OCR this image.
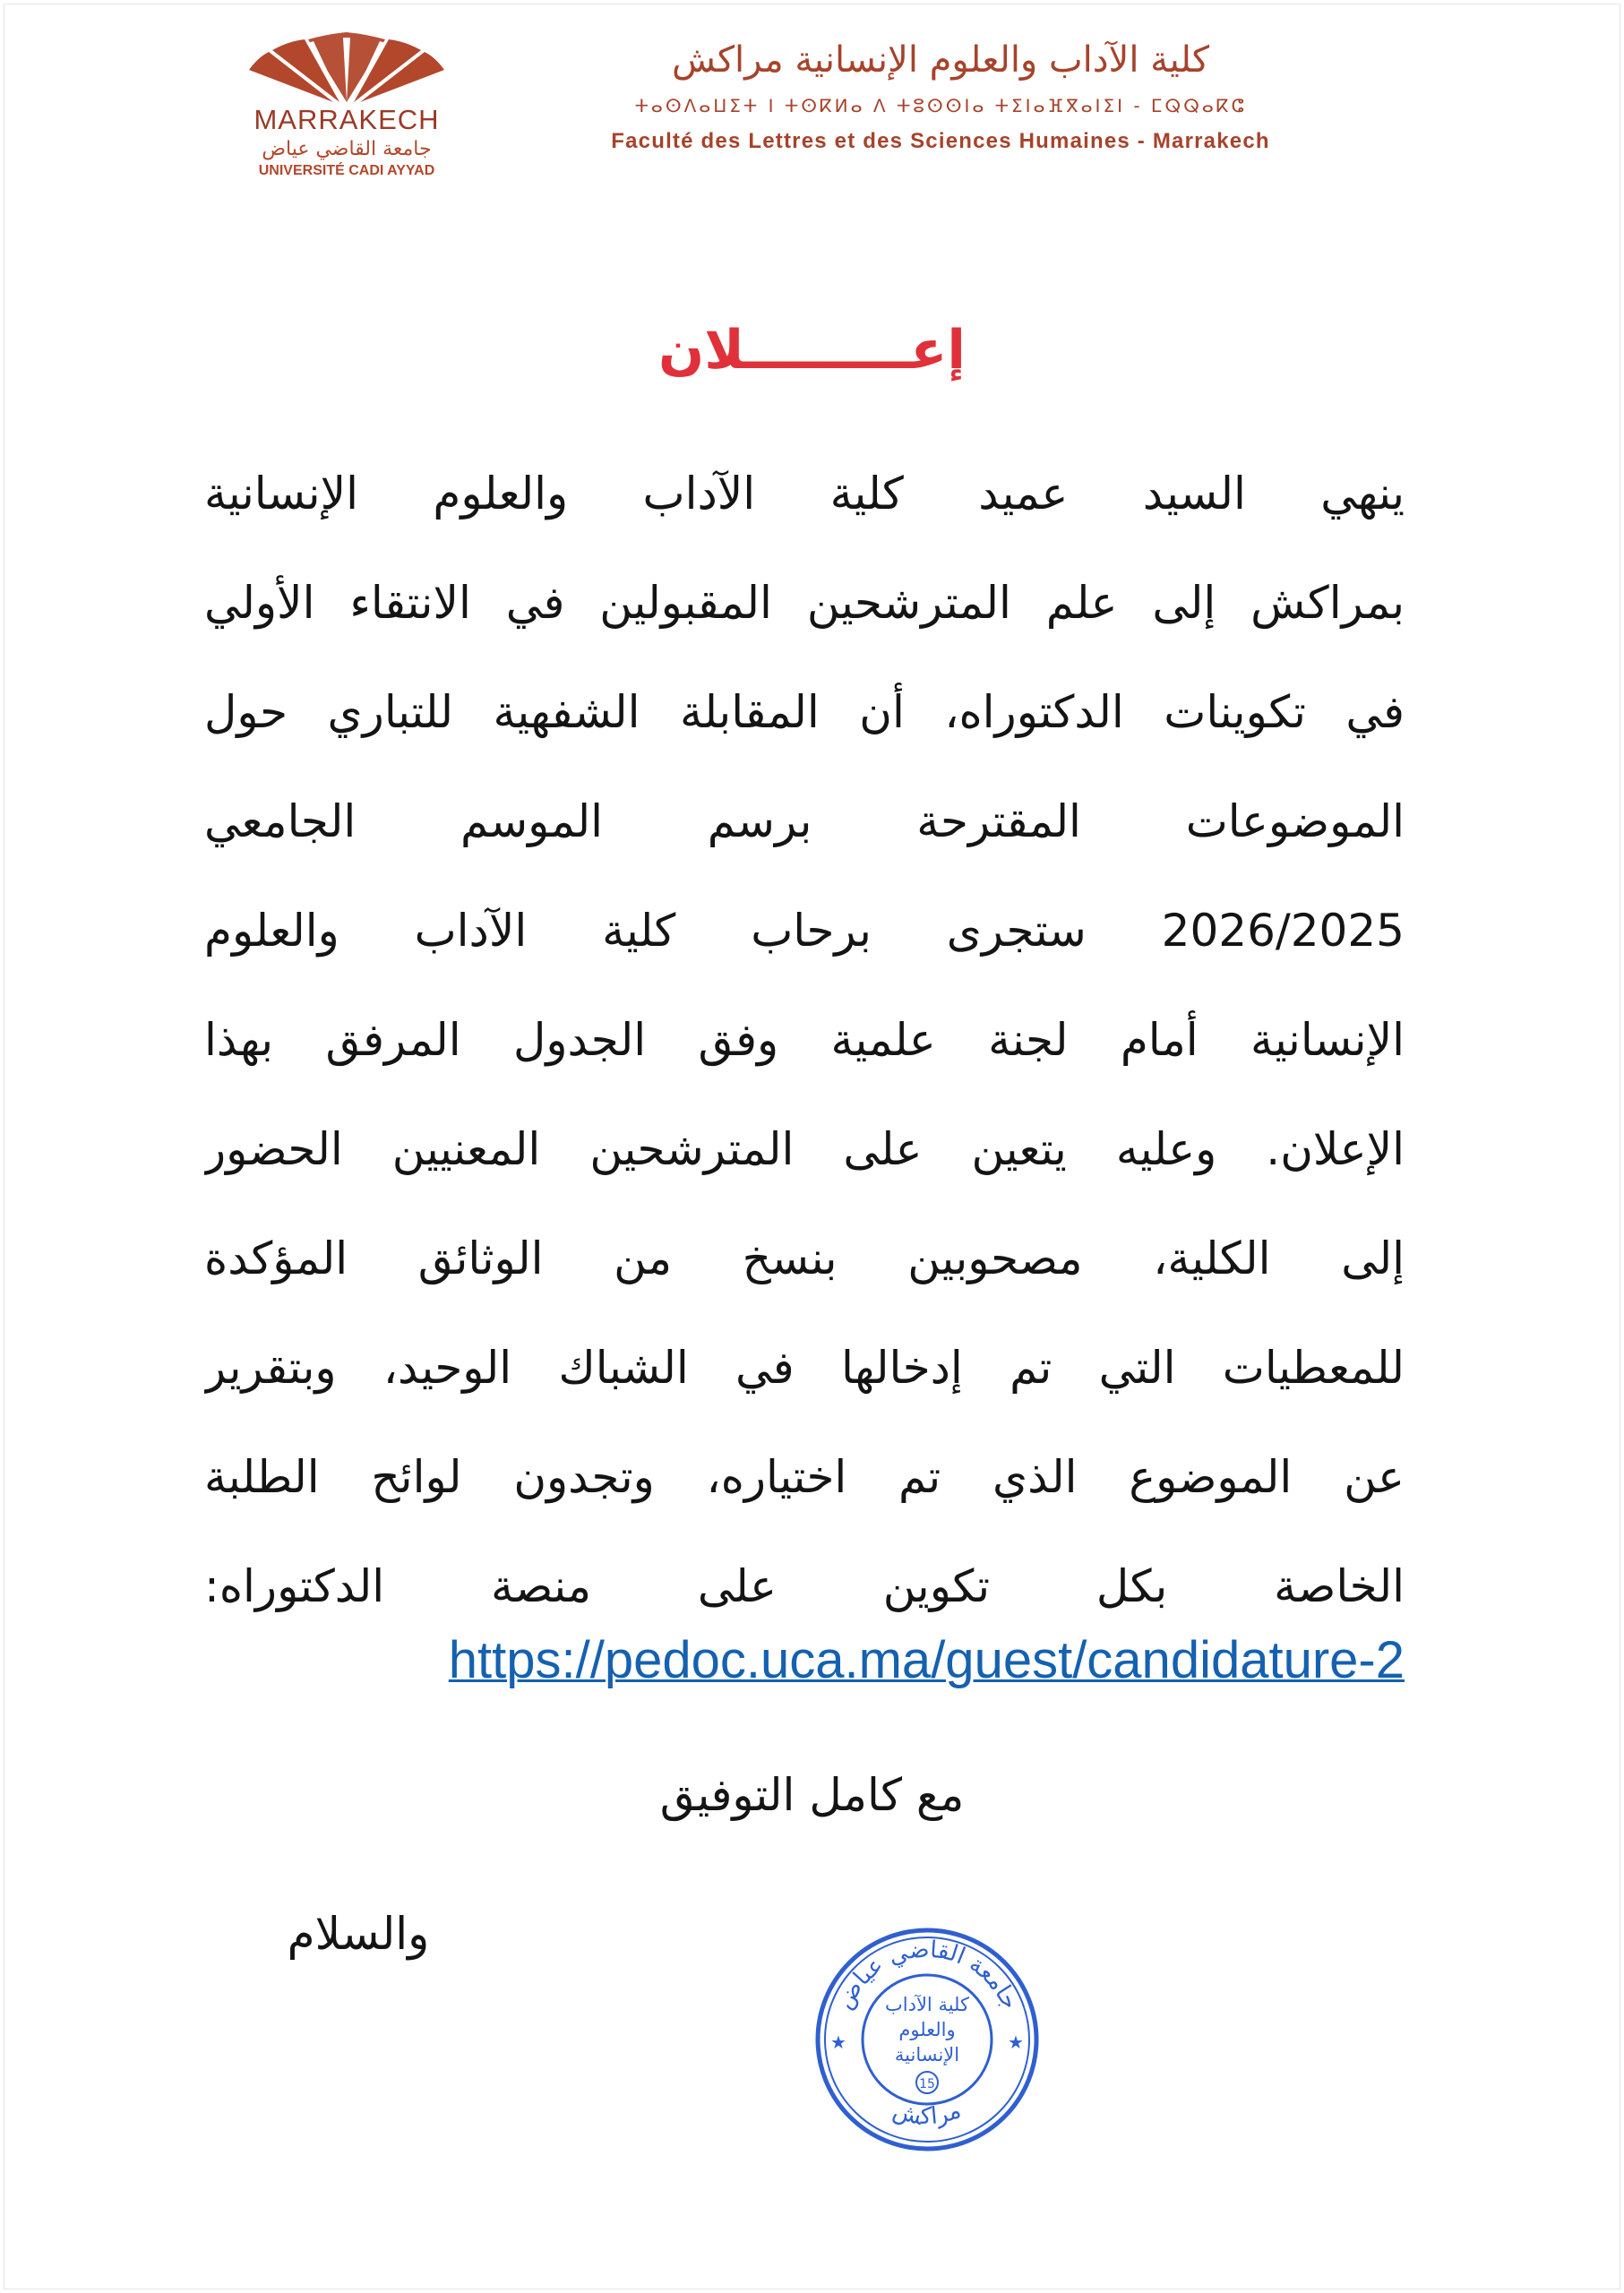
MARRAKECH
جامعة القاضي عياض
UNIVERSITÉ CADI AYYAD
كلية الآداب والعلوم الإنسانية مراكش
ⵜⴰⵙⴷⴰⵡⵉⵜ ⵏ ⵜⵙⴽⵍⴰ ⴷ ⵜⵓⵙⵙⵏⴰ ⵜⵉⵏⴰⴼⴳⴰⵏⵉⵏ - ⵎⵕⵕⴰⴽⵛ
Faculté des Lettres et des Sciences Humaines - Marrakech
إعـــــــــلان
ينهي السيد عميد كلية الآداب والعلوم الإنسانية
بمراكش إلى علم المترشحين المقبولين في الانتقاء الأولي
في تكوينات الدكتوراه، أن المقابلة الشفهية للتباري حول
الموضوعات المقترحة برسم الموسم الجامعي
2026/2025 ستجرى برحاب كلية الآداب والعلوم
الإنسانية أمام لجنة علمية وفق الجدول المرفق بهذا
الإعلان. وعليه يتعين على المترشحين المعنيين الحضور
إلى الكلية، مصحوبين بنسخ من الوثائق المؤكدة
للمعطيات التي تم إدخالها في الشباك الوحيد، وبتقرير
عن الموضوع الذي تم اختياره، وتجدون لوائح الطلبة
الخاصة بكل تكوين على منصة الدكتوراه:
https://pedoc.uca.ma/guest/candidature-2
مع كامل التوفيق
والسلام
جامعة القاضي عياض
مراكش
★	★
كلية الآداب
والعلوم
الإنسانية
15
